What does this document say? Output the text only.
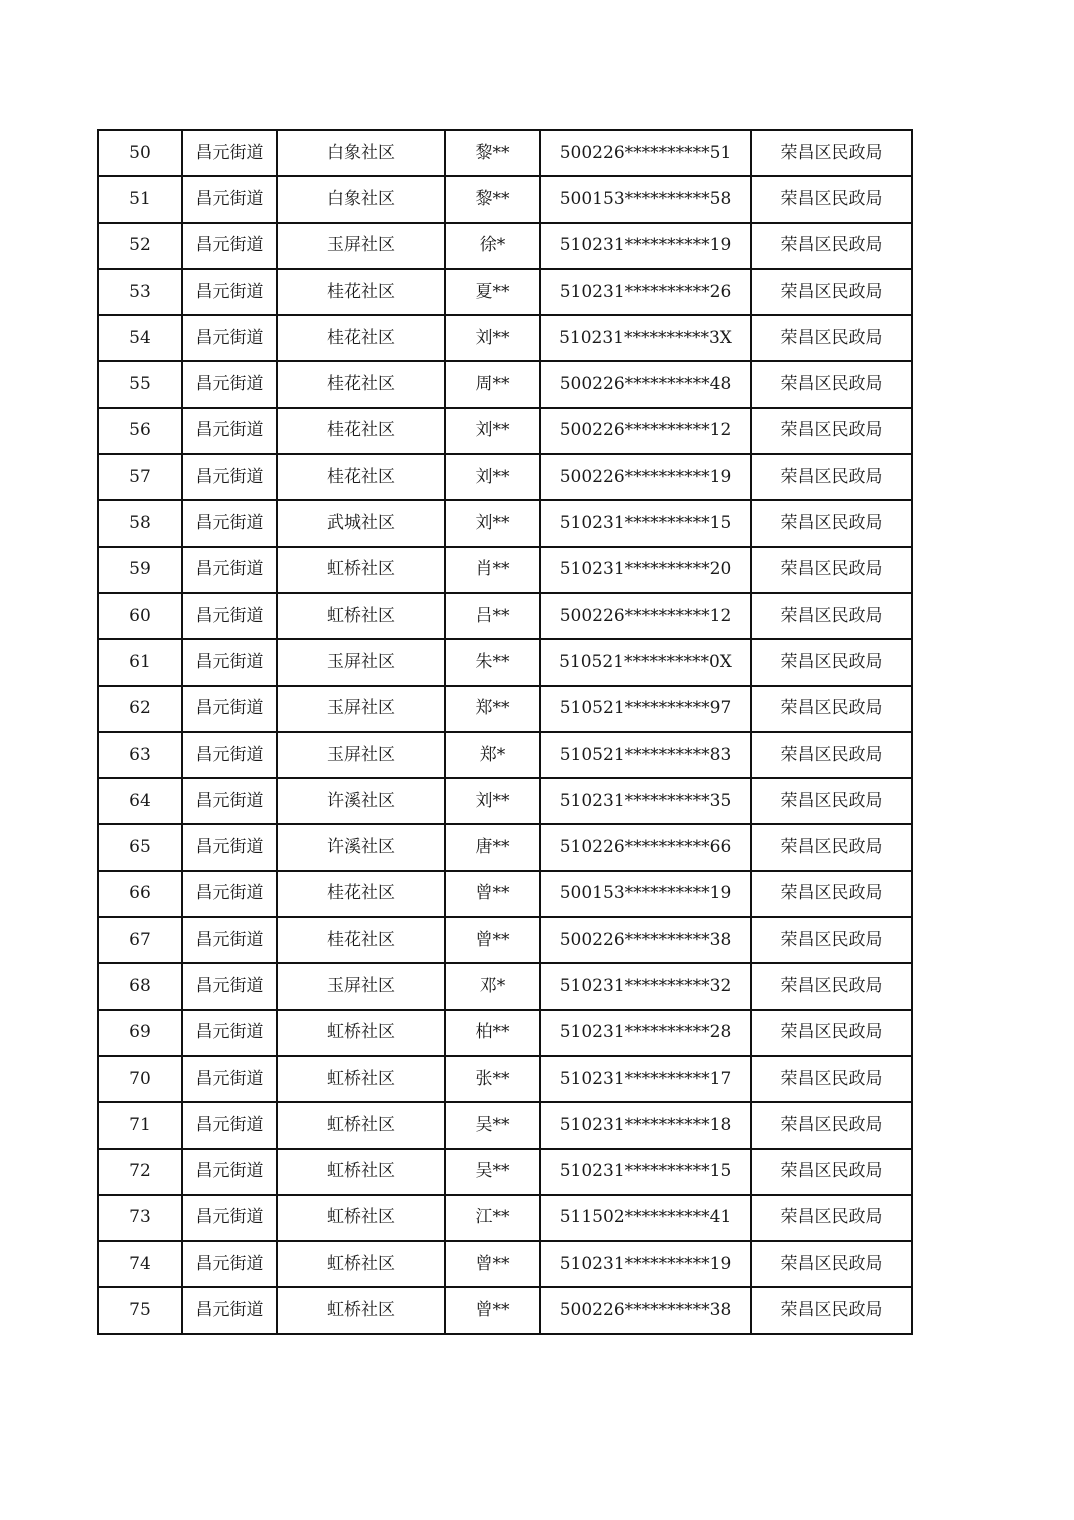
50	昌元街道	白象社区	黎**	500226**********51	荣昌区民政局
51	昌元街道	白象社区	黎**	500153**********58	荣昌区民政局
52	昌元街道	玉屏社区	徐*	510231**********19	荣昌区民政局
53	昌元街道	桂花社区	夏**	510231**********26	荣昌区民政局
54	昌元街道	桂花社区	刘**	510231**********3X	荣昌区民政局
55	昌元街道	桂花社区	周**	500226**********48	荣昌区民政局
56	昌元街道	桂花社区	刘**	500226**********12	荣昌区民政局
57	昌元街道	桂花社区	刘**	500226**********19	荣昌区民政局
58	昌元街道	武城社区	刘**	510231**********15	荣昌区民政局
59	昌元街道	虹桥社区	肖**	510231**********20	荣昌区民政局
60	昌元街道	虹桥社区	吕**	500226**********12	荣昌区民政局
61	昌元街道	玉屏社区	朱**	510521**********0X	荣昌区民政局
62	昌元街道	玉屏社区	郑**	510521**********97	荣昌区民政局
63	昌元街道	玉屏社区	郑*	510521**********83	荣昌区民政局
64	昌元街道	许溪社区	刘**	510231**********35	荣昌区民政局
65	昌元街道	许溪社区	唐**	510226**********66	荣昌区民政局
66	昌元街道	桂花社区	曾**	500153**********19	荣昌区民政局
67	昌元街道	桂花社区	曾**	500226**********38	荣昌区民政局
68	昌元街道	玉屏社区	邓*	510231**********32	荣昌区民政局
69	昌元街道	虹桥社区	柏**	510231**********28	荣昌区民政局
70	昌元街道	虹桥社区	张**	510231**********17	荣昌区民政局
71	昌元街道	虹桥社区	吴**	510231**********18	荣昌区民政局
72	昌元街道	虹桥社区	吴**	510231**********15	荣昌区民政局
73	昌元街道	虹桥社区	江**	511502**********41	荣昌区民政局
74	昌元街道	虹桥社区	曾**	510231**********19	荣昌区民政局
75	昌元街道	虹桥社区	曾**	500226**********38	荣昌区民政局
